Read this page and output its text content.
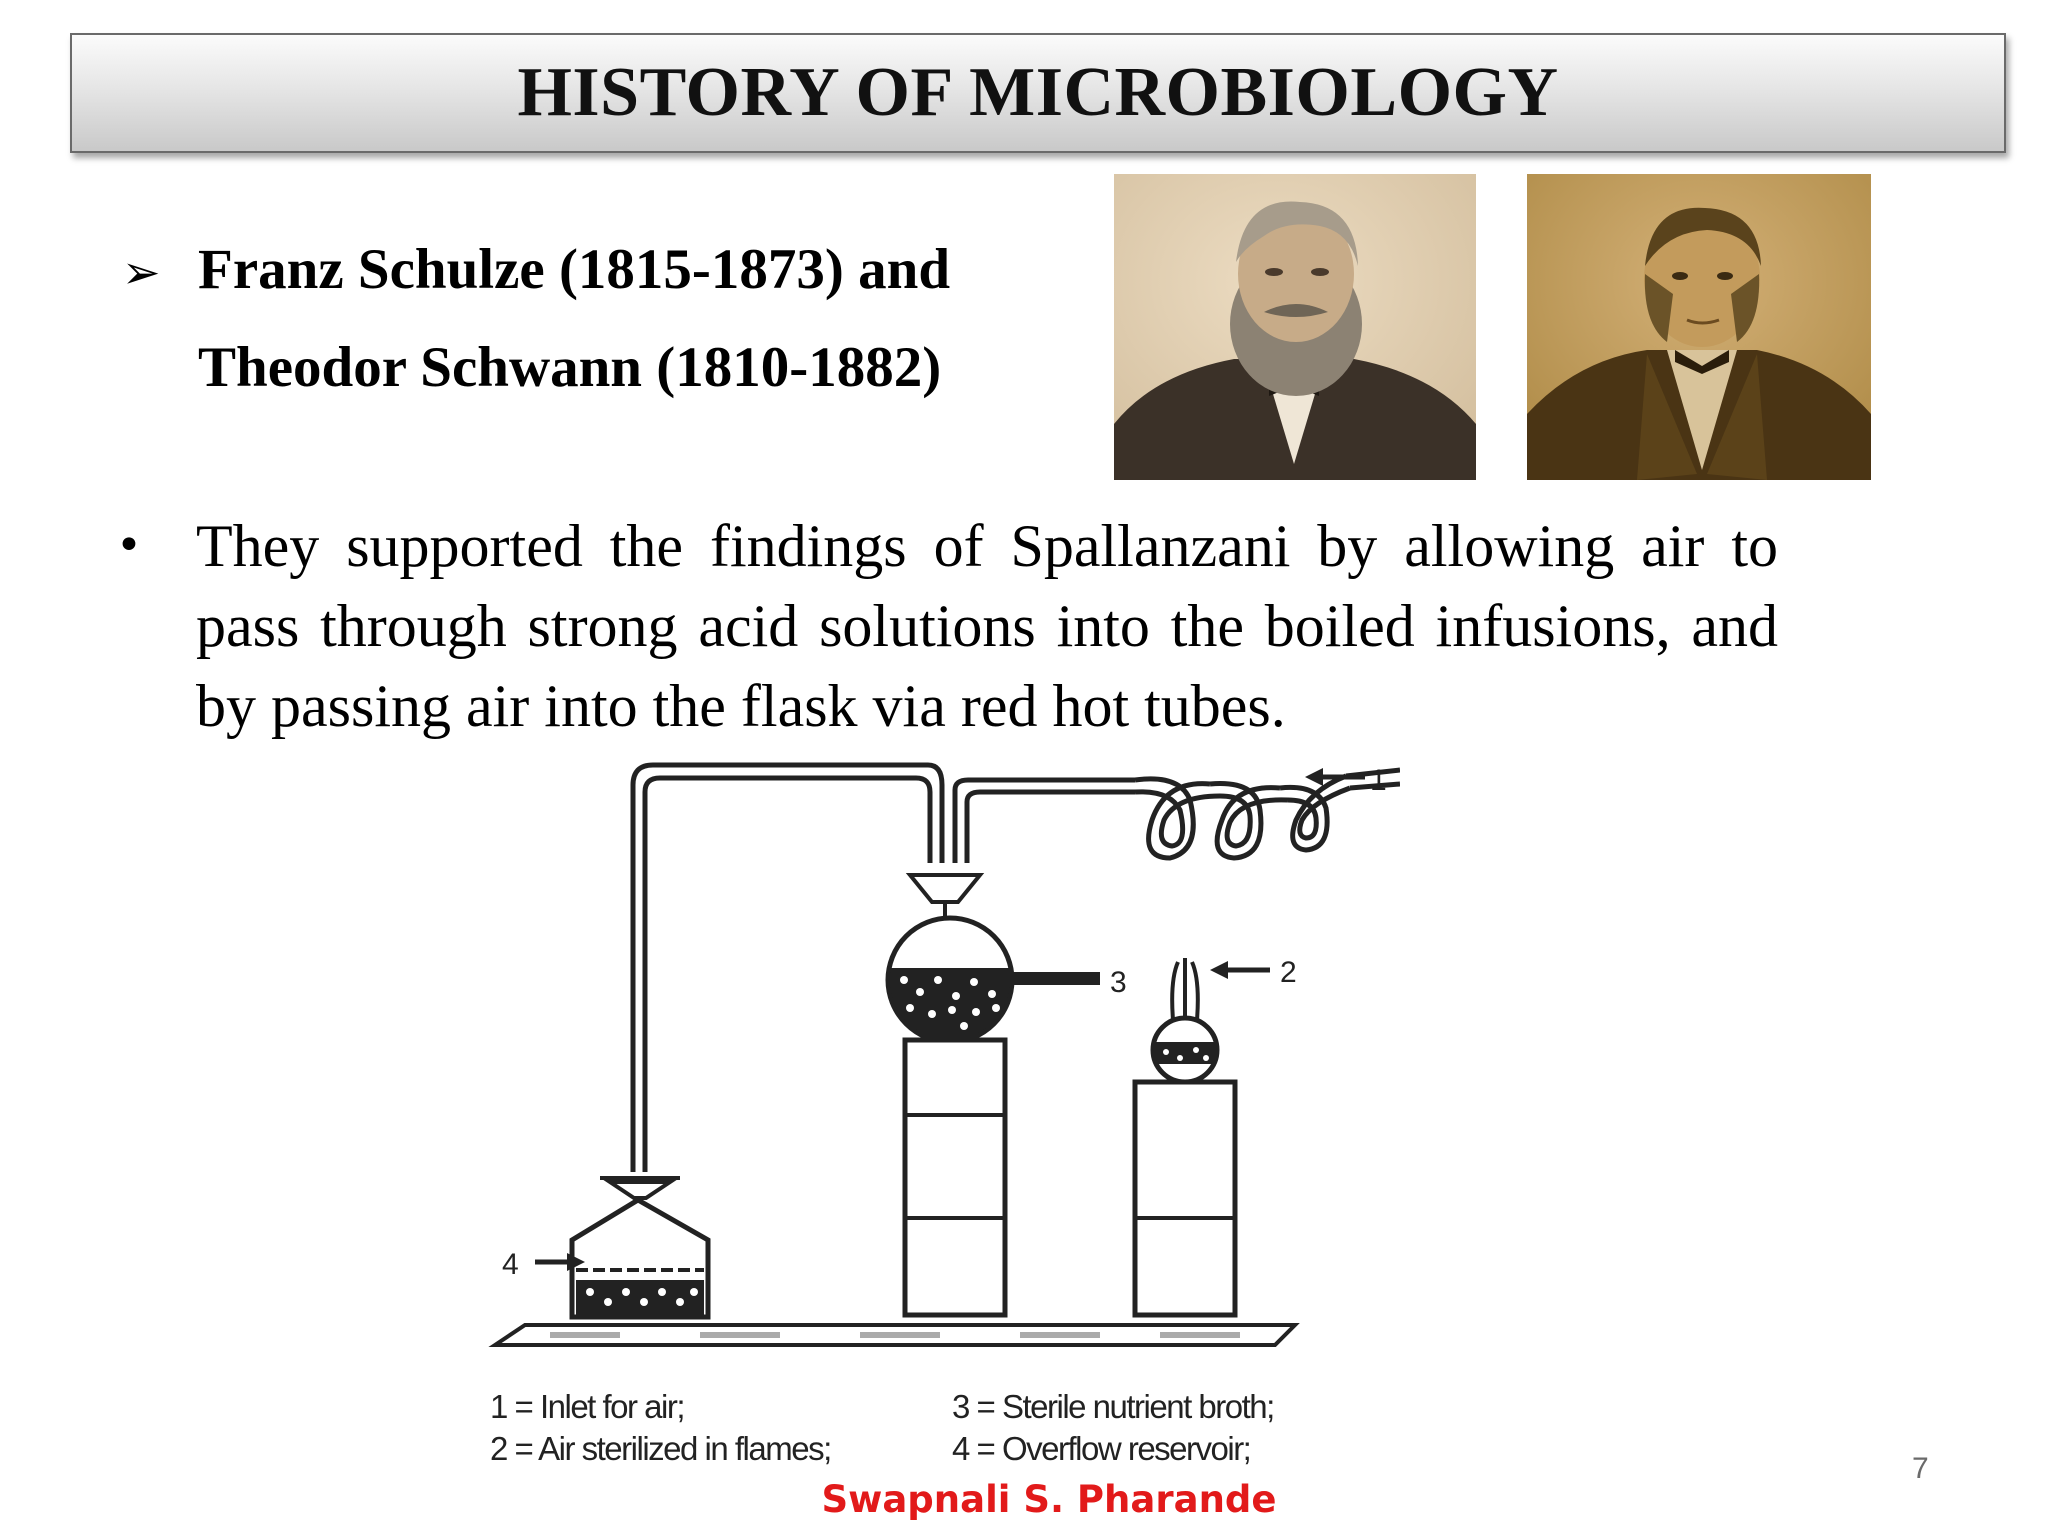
HISTORY OF MICROBIOLOGY
➢ Franz Schulze (1815-1873) and
Theodor Schwann (1810-1882)
• They supported the findings of Spallanzani by allowing air to pass through strong acid solutions into the boiled infusions, and by passing air into the flask via red hot tubes.
3	2
4
1
1 = Inlet for air;
2 = Air sterilized in flames;
3 = Sterile nutrient broth;
4 = Overflow reservoir;
Swapnali S. Pharande
7
